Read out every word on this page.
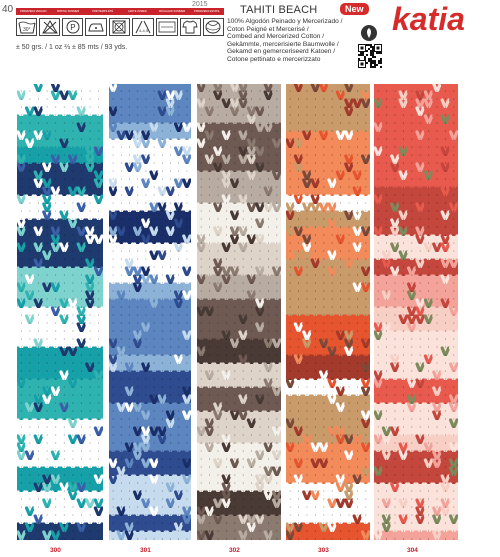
40	2015
PRIMAVERA VERANO	SPRING SUMMER	PRINTEMPS ÉTÉ	LENTE ZOMER	FRÜHJAHR SOMMER	PRIMAVERA ESTATE
30°	P	4-4,5
± 50 grs. / 1 oz ⅔ ± 85 mts / 93 yds.
TAHITI BEACH	New
100% Algodón Peinado y Mercerizado /
Coton Peigné et Mercerisé /
Combed and Mercerized Cotton /
Gekämmte, mercerisierte Baumwolle /
Gekamd en gemerceriseerd Katoen /
Cotone pettinato e mercerizzato
katia
300	301	302	303	304
